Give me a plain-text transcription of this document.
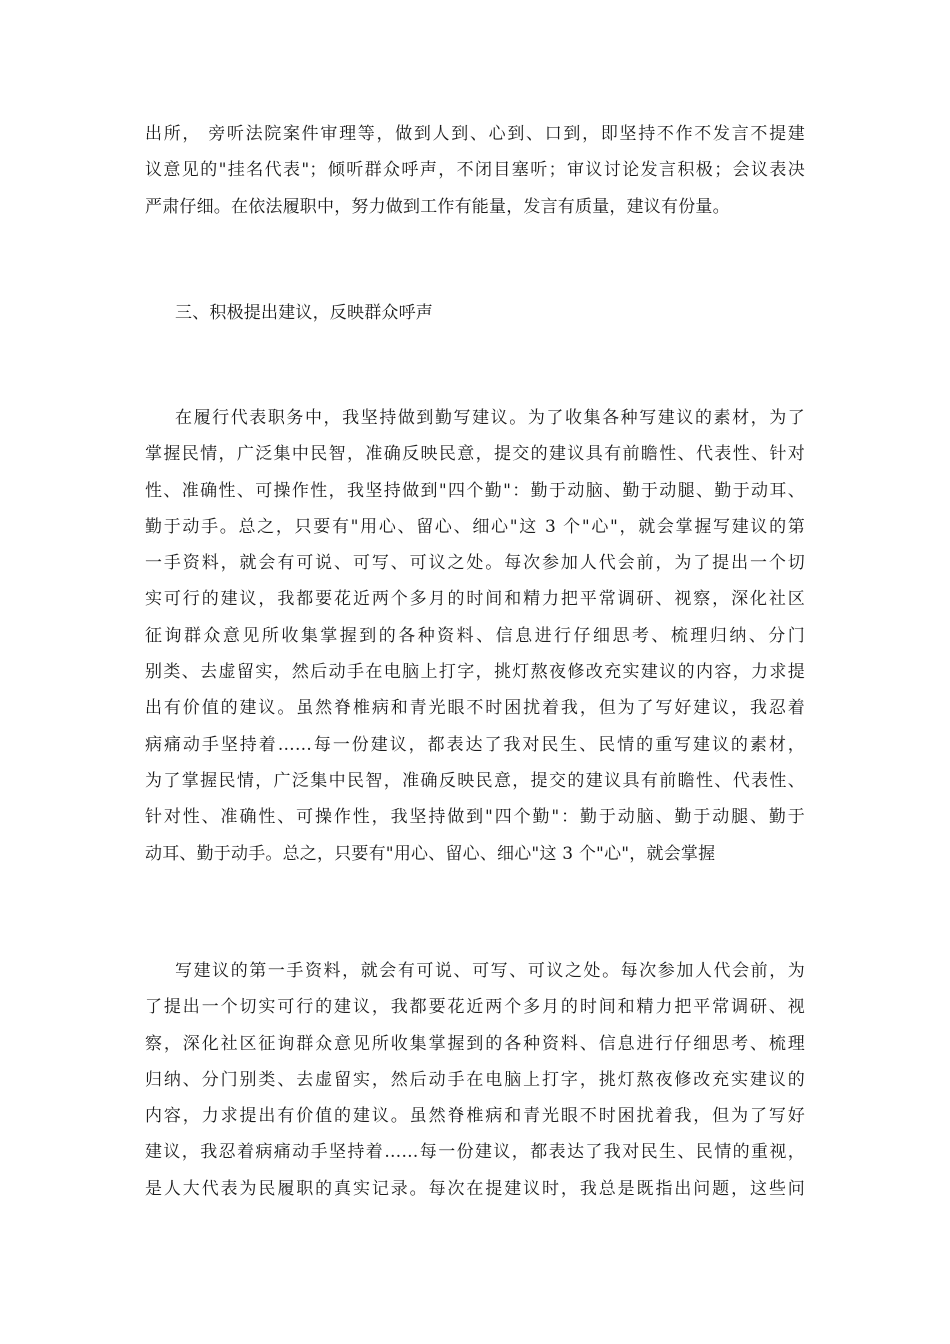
出所， 旁听法院案件审理等，做到人到、心到、口到，即坚持不作不发言不提建
议意见的"挂名代表"；倾听群众呼声，不闭目塞听；审议讨论发言积极；会议表决
严肃仔细。在依法履职中，努力做到工作有能量，发言有质量，建议有份量。
三、积极提出建议，反映群众呼声
在履行代表职务中，我坚持做到勤写建议。为了收集各种写建议的素材，为了
掌握民情，广泛集中民智，准确反映民意，提交的建议具有前瞻性、代表性、针对
性、准确性、可操作性，我坚持做到"四个勤"：勤于动脑、勤于动腿、勤于动耳、
勤于动手。总之，只要有"用心、留心、细心"这 3 个"心"，就会掌握写建议的第
一手资料，就会有可说、可写、可议之处。每次参加人代会前，为了提出一个切
实可行的建议，我都要花近两个多月的时间和精力把平常调研、视察，深化社区
征询群众意见所收集掌握到的各种资料、信息进行仔细思考、梳理归纳、分门
别类、去虚留实，然后动手在电脑上打字，挑灯熬夜修改充实建议的内容，力求提
出有价值的建议。虽然脊椎病和青光眼不时困扰着我，但为了写好建议，我忍着
病痛动手坚持着……每一份建议，都表达了我对民生、民情的重写建议的素材，
为了掌握民情，广泛集中民智，准确反映民意，提交的建议具有前瞻性、代表性、
针对性、准确性、可操作性，我坚持做到"四个勤"：勤于动脑、勤于动腿、勤于
动耳、勤于动手。总之，只要有"用心、留心、细心"这 3 个"心"，就会掌握
写建议的第一手资料，就会有可说、可写、可议之处。每次参加人代会前，为
了提出一个切实可行的建议，我都要花近两个多月的时间和精力把平常调研、视
察，深化社区征询群众意见所收集掌握到的各种资料、信息进行仔细思考、梳理
归纳、分门别类、去虚留实，然后动手在电脑上打字，挑灯熬夜修改充实建议的
内容，力求提出有价值的建议。虽然脊椎病和青光眼不时困扰着我，但为了写好
建议，我忍着病痛动手坚持着……每一份建议，都表达了我对民生、民情的重视，
是人大代表为民履职的真实记录。每次在提建议时，我总是既指出问题，这些问
